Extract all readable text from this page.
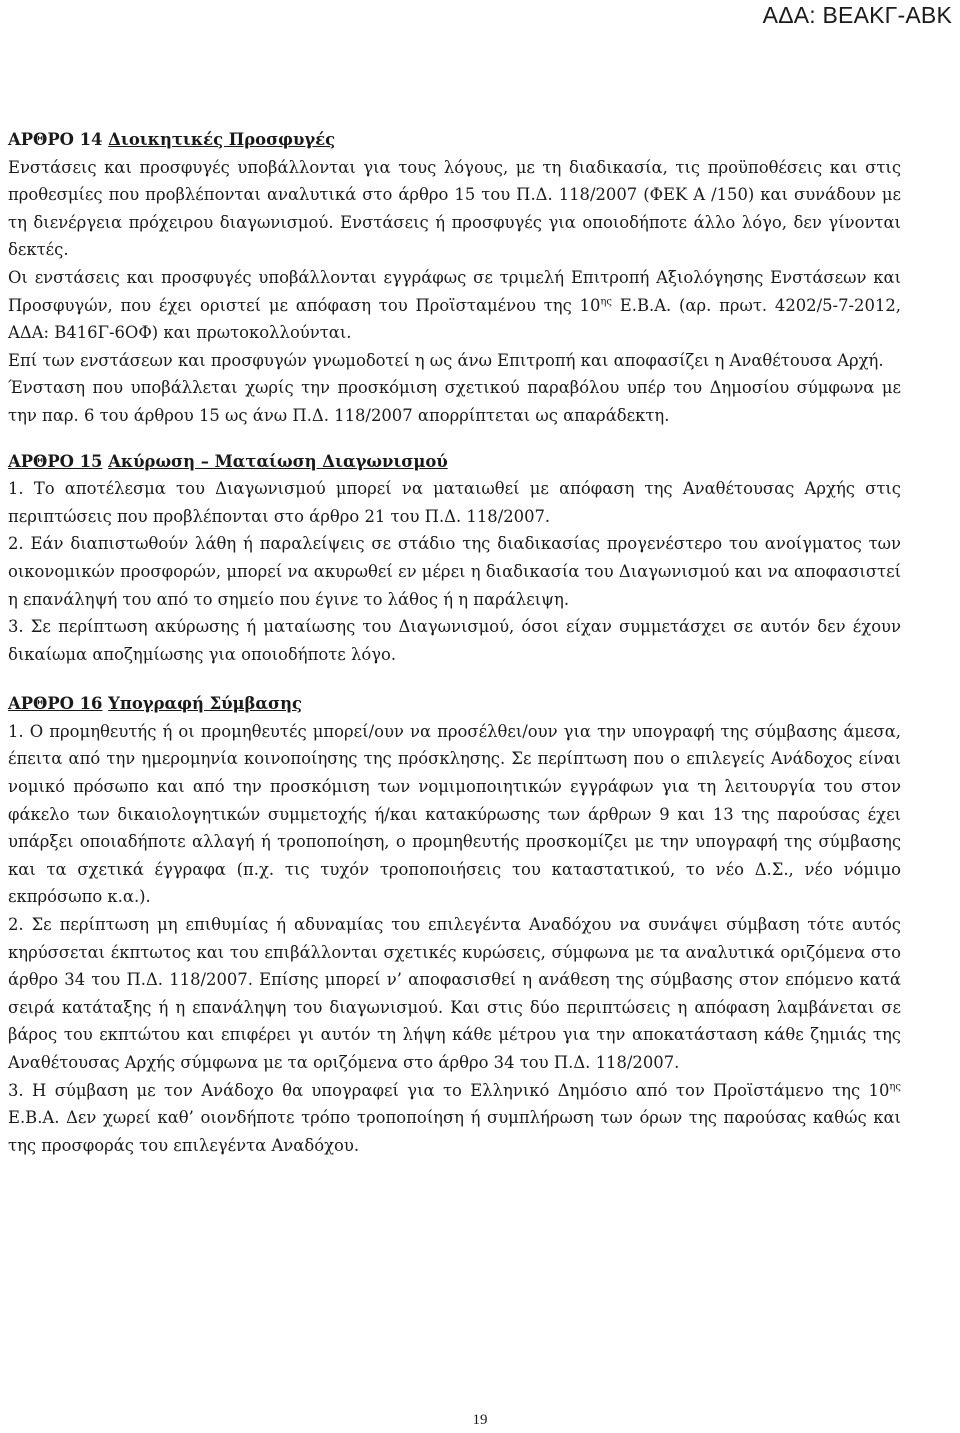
ΑΔΑ: ΒΕΑΚΓ-ΑΒΚ

ΑΡΘΡΟ 14 Διοικητικές Προσφυγές

Ενστάσεις και προσφυγές υποβάλλονται για τους λόγους, με τη διαδικασία, τις προϋποθέσεις και στις προθεσμίες που προβλέπονται αναλυτικά στο άρθρο 15 του Π.Δ. 118/2007 (ΦΕΚ Α /150) και συνάδουν με τη διενέργεια πρόχειρου διαγωνισμού. Ενστάσεις ή προσφυγές για οποιοδήποτε άλλο λόγο, δεν γίνονται δεκτές.

Οι ενστάσεις και προσφυγές υποβάλλονται εγγράφως σε τριμελή Επιτροπή Αξιολόγησης Ενστάσεων και Προσφυγών, που έχει οριστεί με απόφαση του Προϊσταμένου της $10^{\eta\varsigma}$ Ε.Β.Α. (αρ. πρωτ. 4202/5-7-2012, ΑΔΑ: Β416Γ-6ΟΦ) και πρωτοκολλούνται.

Επί των ενστάσεων και προσφυγών γνωμοδοτεί η ως άνω Επιτροπή και αποφασίζει η Αναθέτουσα Αρχή.

Ένσταση που υποβάλλεται χωρίς την προσκόμιση σχετικού παραβόλου υπέρ του Δημοσίου σύμφωνα με την παρ. 6 του άρθρου 15 ως άνω Π.Δ. 118/2007 απορρίπτεται ως απαράδεκτη.

ΑΡΘΡΟ 15 Ακύρωση – Ματαίωση Διαγωνισμού

1. Το αποτέλεσμα του Διαγωνισμού μπορεί να ματαιωθεί με απόφαση της Αναθέτουσας Αρχής στις περιπτώσεις που προβλέπονται στο άρθρο 21 του Π.Δ. 118/2007.

2. Εάν διαπιστωθούν λάθη ή παραλείψεις σε στάδιο της διαδικασίας προγενέστερο του ανοίγματος των οικονομικών προσφορών, μπορεί να ακυρωθεί εν μέρει η διαδικασία του Διαγωνισμού και να αποφασιστεί η επανάληψή του από το σημείο που έγινε το λάθος ή η παράλειψη.

3. Σε περίπτωση ακύρωσης ή ματαίωσης του Διαγωνισμού, όσοι είχαν συμμετάσχει σε αυτόν δεν έχουν δικαίωμα αποζημίωσης για οποιοδήποτε λόγο.

ΑΡΘΡΟ 16 Υπογραφή Σύμβασης

1. Ο προμηθευτής ή οι προμηθευτές μπορεί/ουν να προσέλθει/ουν για την υπογραφή της σύμβασης άμεσα, έπειτα από την ημερομηνία κοινοποίησης της πρόσκλησης. Σε περίπτωση που ο επιλεγείς Ανάδοχος είναι νομικό πρόσωπο και από την προσκόμιση των νομιμοποιητικών εγγράφων για τη λειτουργία του στον φάκελο των δικαιολογητικών συμμετοχής ή/και κατακύρωσης των άρθρων 9 και 13 της παρούσας έχει υπάρξει οποιαδήποτε αλλαγή ή τροποποίηση, ο προμηθευτής προσκομίζει με την υπογραφή της σύμβασης και τα σχετικά έγγραφα (π.χ. τις τυχόν τροποποιήσεις του καταστατικού, το νέο Δ.Σ., νέο νόμιμο εκπρόσωπο κ.α.).

2. Σε περίπτωση μη επιθυμίας ή αδυναμίας του επιλεγέντα Αναδόχου να συνάψει σύμβαση τότε αυτός κηρύσσεται έκπτωτος και του επιβάλλονται σχετικές κυρώσεις, σύμφωνα με τα αναλυτικά οριζόμενα στο άρθρο 34 του Π.Δ. 118/2007. Επίσης μπορεί ν’ αποφασισθεί η ανάθεση της σύμβασης στον επόμενο κατά σειρά κατάταξης ή η επανάληψη του διαγωνισμού. Και στις δύο περιπτώσεις η απόφαση λαμβάνεται σε βάρος του εκπτώτου και επιφέρει γι αυτόν τη λήψη κάθε μέτρου για την αποκατάσταση κάθε ζημιάς της Αναθέτουσας Αρχής σύμφωνα με τα οριζόμενα στο άρθρο 34 του Π.Δ. 118/2007.

3. Η σύμβαση με τον Ανάδοχο θα υπογραφεί για το Ελληνικό Δημόσιο από τον Προϊστάμενο της $10^{\eta\varsigma}$ Ε.Β.Α. Δεν χωρεί καθ’ οιονδήποτε τρόπο τροποποίηση ή συμπλήρωση των όρων της παρούσας καθώς και της προσφοράς του επιλεγέντα Αναδόχου.

19
